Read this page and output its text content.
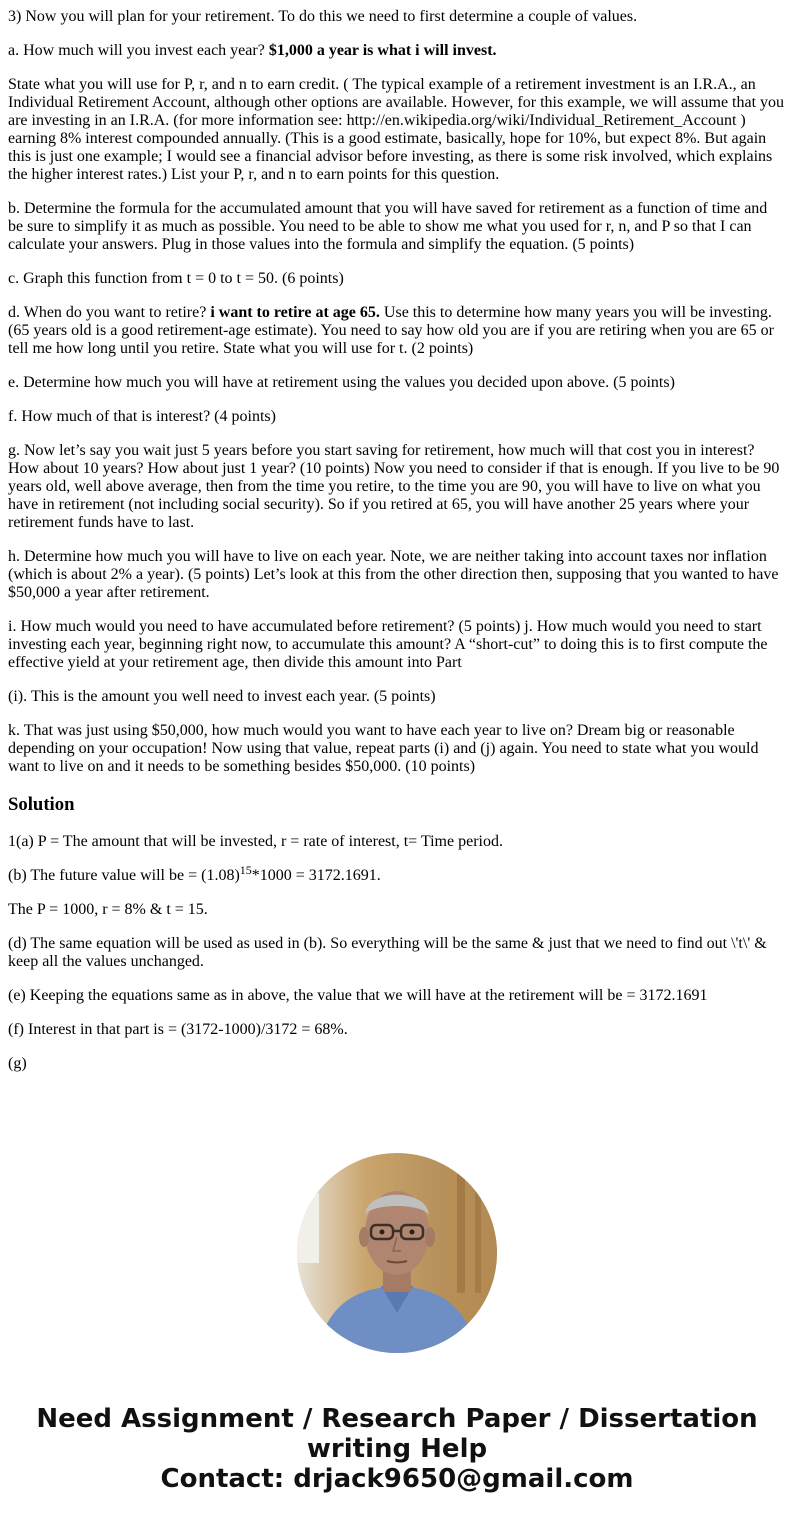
3) Now you will plan for your retirement. To do this we need to first determine a couple of values.

a. How much will you invest each year? $1,000 a year is what i will invest.

State what you will use for P, r, and n to earn credit. ( The typical example of a retirement investment is an I.R.A., an Individual Retirement Account, although other options are available. However, for this example, we will assume that you are investing in an I.R.A. (for more information see: http://en.wikipedia.org/wiki/Individual_Retirement_Account ) earning 8% interest compounded annually. (This is a good estimate, basically, hope for 10%, but expect 8%. But again this is just one example; I would see a financial advisor before investing, as there is some risk involved, which explains the higher interest rates.) List your P, r, and n to earn points for this question.

b. Determine the formula for the accumulated amount that you will have saved for retirement as a function of time and be sure to simplify it as much as possible. You need to be able to show me what you used for r, n, and P so that I can calculate your answers. Plug in those values into the formula and simplify the equation. (5 points)

c. Graph this function from t = 0 to t = 50. (6 points)

d. When do you want to retire? i want to retire at age 65. Use this to determine how many years you will be investing. (65 years old is a good retirement-age estimate). You need to say how old you are if you are retiring when you are 65 or tell me how long until you retire. State what you will use for t. (2 points)

e. Determine how much you will have at retirement using the values you decided upon above. (5 points)

f. How much of that is interest? (4 points)

g. Now let’s say you wait just 5 years before you start saving for retirement, how much will that cost you in interest? How about 10 years? How about just 1 year? (10 points) Now you need to consider if that is enough. If you live to be 90 years old, well above average, then from the time you retire, to the time you are 90, you will have to live on what you have in retirement (not including social security). So if you retired at 65, you will have another 25 years where your retirement funds have to last.

h. Determine how much you will have to live on each year. Note, we are neither taking into account taxes nor inflation (which is about 2% a year). (5 points) Let’s look at this from the other direction then, supposing that you wanted to have $50,000 a year after retirement.

i. How much would you need to have accumulated before retirement? (5 points) j. How much would you need to start investing each year, beginning right now, to accumulate this amount? A “short-cut” to doing this is to first compute the effective yield at your retirement age, then divide this amount into Part

(i). This is the amount you well need to invest each year. (5 points)

k. That was just using $50,000, how much would you want to have each year to live on? Dream big or reasonable depending on your occupation! Now using that value, repeat parts (i) and (j) again. You need to state what you would want to live on and it needs to be something besides $50,000. (10 points)

Solution

1(a) P = The amount that will be invested, r = rate of interest, t= Time period.

(b) The future value will be = $(1.08)^{15}*1000 = 3172.1691$.

The P = 1000, r = 8% & t = 15.

(d) The same equation will be used as used in (b). So everything will be the same & just that we need to find out \'t\' & keep all the values unchanged.

(e) Keeping the equations same as in above, the value that we will have at the retirement will be = 3172.1691

(f) Interest in that part is = (3172-1000)/3172 = 68%.

(g)

Need Assignment / Research Paper / Dissertation
writing Help
Contact: drjack9650@gmail.com
